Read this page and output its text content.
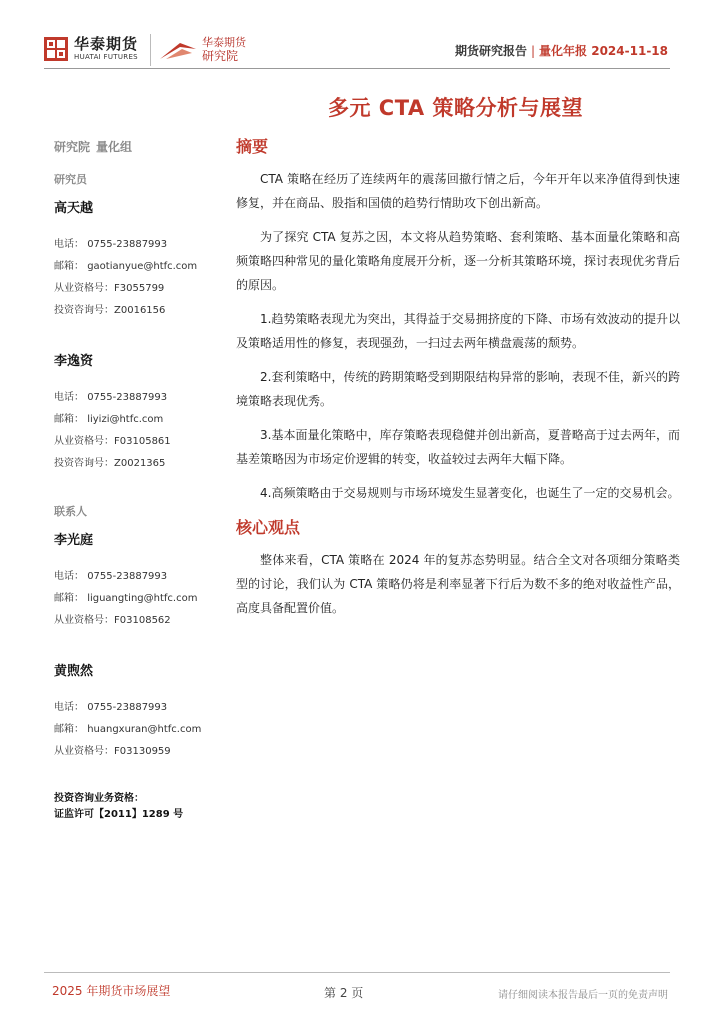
华泰期货
HUATAI FUTURES
华泰期货
研究院	期货研究报告 | 量化年报 2024-11-18
多元 CTA 策略分析与展望
研究院 量化组
研究员
高天越
电话： 0755-23887993
邮箱： gaotianyue@htfc.com
从业资格号：F3055799
投资咨询号：Z0016156
李逸资
电话： 0755-23887993
邮箱： liyizi@htfc.com
从业资格号：F03105861
投资咨询号：Z0021365
联系人
李光庭
电话： 0755-23887993
邮箱： liguangting@htfc.com
从业资格号：F03108562
黄煦然
电话： 0755-23887993
邮箱： huangxuran@htfc.com
从业资格号：F03130959
投资咨询业务资格：
证监许可【2011】1289 号
摘要

CTA 策略在经历了连续两年的震荡回撤行情之后，今年开年以来净值得到快速修复，并在商品、股指和国债的趋势行情助攻下创出新高。

为了探究 CTA 复苏之因，本文将从趋势策略、套利策略、基本面量化策略和高频策略四种常见的量化策略角度展开分析，逐一分析其策略环境，探讨表现优劣背后的原因。

1.趋势策略表现尤为突出，其得益于交易拥挤度的下降、市场有效波动的提升以及策略适用性的修复，表现强劲，一扫过去两年横盘震荡的颓势。

2.套利策略中，传统的跨期策略受到期限结构异常的影响，表现不佳，新兴的跨境策略表现优秀。

3.基本面量化策略中，库存策略表现稳健并创出新高，夏普略高于过去两年，而基差策略因为市场定价逻辑的转变，收益较过去两年大幅下降。

4.高频策略由于交易规则与市场环境发生显著变化，也诞生了一定的交易机会。

核心观点

整体来看，CTA 策略在 2024 年的复苏态势明显。结合全文对各项细分策略类型的讨论，我们认为 CTA 策略仍将是利率显著下行后为数不多的绝对收益性产品，高度具备配置价值。

2025 年期货市场展望	第 2 页	请仔细阅读本报告最后一页的免责声明
